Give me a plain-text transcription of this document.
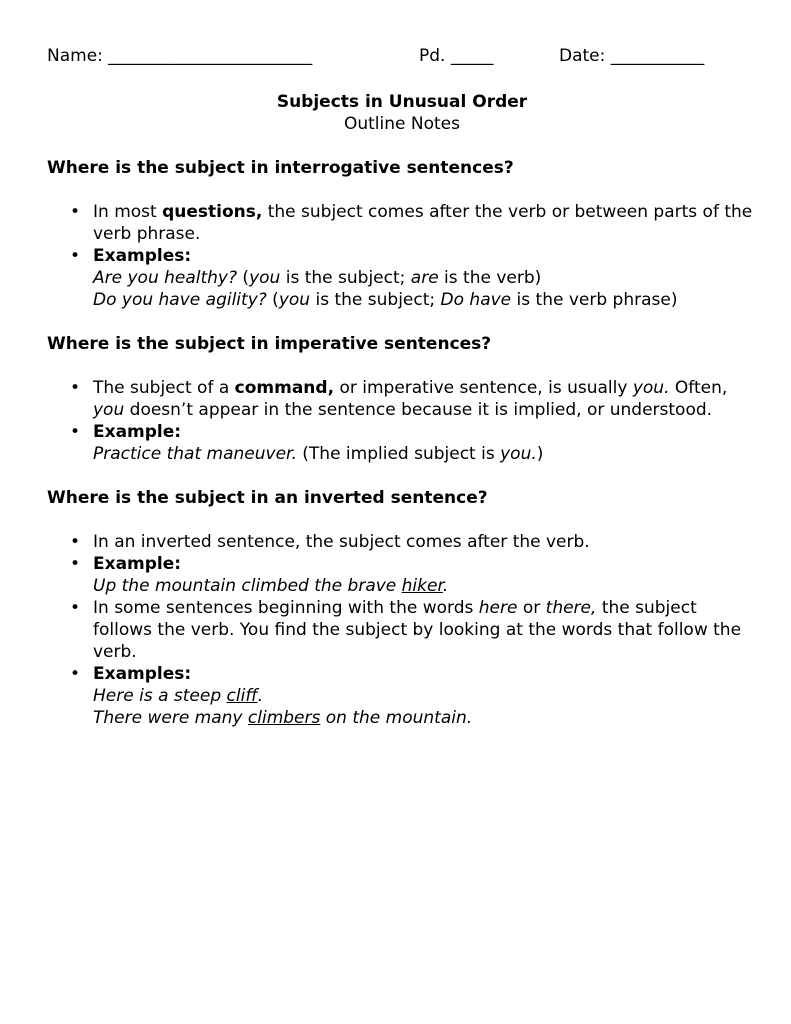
Name: ________________________	Pd. _____	Date: ___________
Subjects in Unusual Order
Outline Notes
Where is the subject in interrogative sentences?
• In most questions, the subject comes after the verb or between parts of the verb phrase.
• Examples:
Are you healthy? (you is the subject; are is the verb)
Do you have agility? (you is the subject; Do have is the verb phrase)
Where is the subject in imperative sentences?
• The subject of a command, or imperative sentence, is usually you. Often, you doesn’t appear in the sentence because it is implied, or understood.
• Example:
Practice that maneuver. (The implied subject is you.)
Where is the subject in an inverted sentence?
• In an inverted sentence, the subject comes after the verb.
• Example:
Up the mountain climbed the brave hiker.
• In some sentences beginning with the words here or there, the subject follows the verb. You find the subject by looking at the words that follow the verb.
• Examples:
Here is a steep cliff.
There were many climbers on the mountain.
